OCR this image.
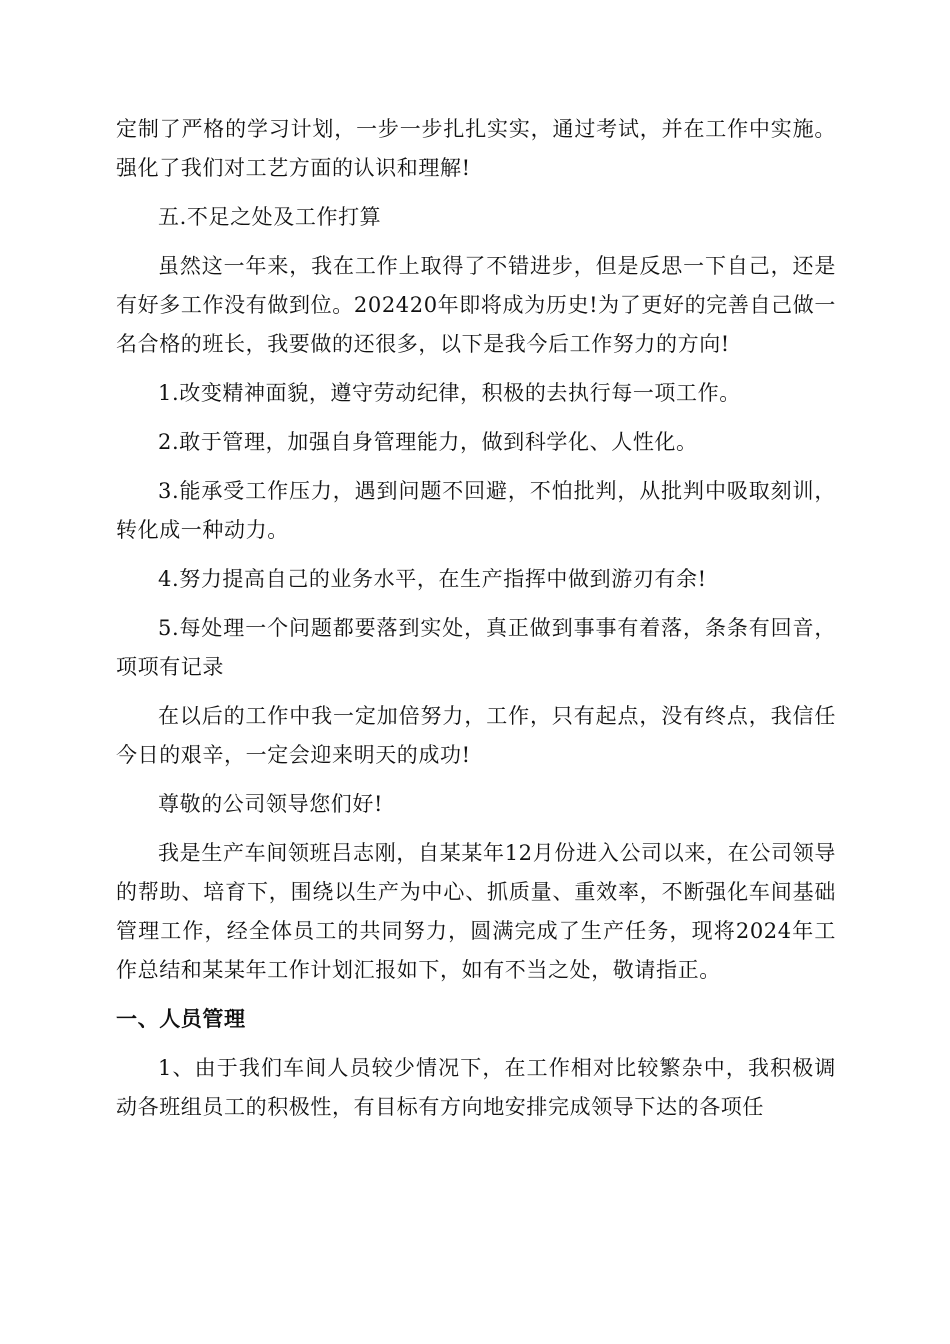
定制了严格的学习计划，一步一步扎扎实实，通过考试，并在工作中实施。强化了我们对工艺方面的认识和理解!

五.不足之处及工作打算

虽然这一年来，我在工作上取得了不错进步，但是反思一下自己，还是有好多工作没有做到位。202420年即将成为历史!为了更好的完善自己做一名合格的班长，我要做的还很多，以下是我今后工作努力的方向!

1.改变精神面貌，遵守劳动纪律，积极的去执行每一项工作。

2.敢于管理，加强自身管理能力，做到科学化、人性化。

3.能承受工作压力，遇到问题不回避，不怕批判，从批判中吸取刻训，转化成一种动力。

4.努力提高自己的业务水平，在生产指挥中做到游刃有余!

5.每处理一个问题都要落到实处，真正做到事事有着落，条条有回音，项项有记录

在以后的工作中我一定加倍努力，工作，只有起点，没有终点，我信任今日的艰辛，一定会迎来明天的成功!

尊敬的公司领导您们好!

我是生产车间领班吕志刚，自某某年12月份进入公司以来，在公司领导的帮助、培育下，围绕以生产为中心、抓质量、重效率，不断强化车间基础管理工作，经全体员工的共同努力，圆满完成了生产任务，现将2024年工作总结和某某年工作计划汇报如下，如有不当之处，敬请指正。

一、人员管理

1、由于我们车间人员较少情况下，在工作相对比较繁杂中，我积极调动各班组员工的积极性，有目标有方向地安排完成领导下达的各项任
